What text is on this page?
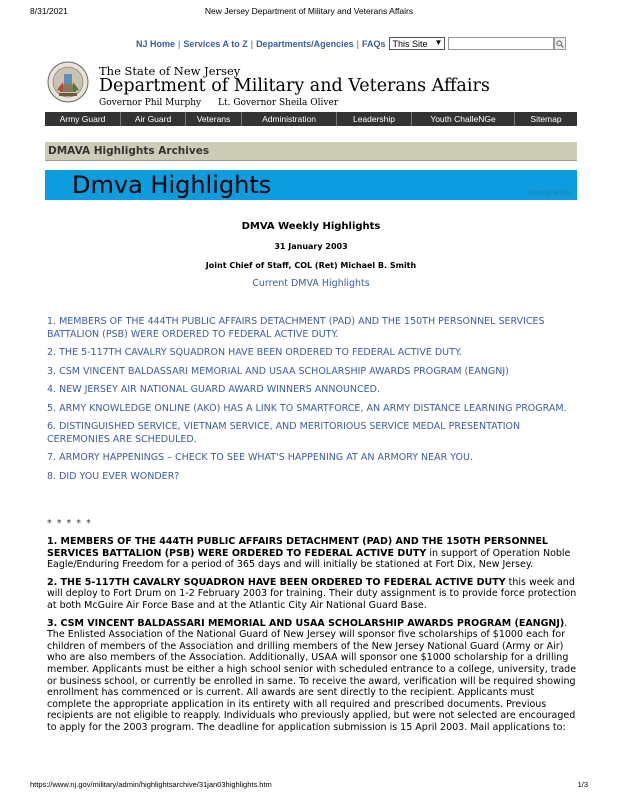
8/31/2021	New Jersey Department of Military and Veterans Affairs
NJ Home | Services A to Z | Departments/Agencies | FAQs This Site ▼
The State of New Jersey
Department of Military and Veterans Affairs
Governor Phil Murphy Lt. Governor Sheila Oliver
Army Guard	Air Guard	Veterans	Administration	Leadership	Youth ChalleNGe	Sitemap
DMAVA Highlights Archives
Dmva Highlights	Weekly Briefs
DMVA Weekly Highlights
31 January 2003
Joint Chief of Staff, COL (Ret) Michael B. Smith
Current DMVA Highlights

1. MEMBERS OF THE 444TH PUBLIC AFFAIRS DETACHMENT (PAD) AND THE 150TH PERSONNEL SERVICES BATTALION (PSB) WERE ORDERED TO FEDERAL ACTIVE DUTY.

2. THE 5-117TH CAVALRY SQUADRON HAVE BEEN ORDERED TO FEDERAL ACTIVE DUTY.

3. CSM VINCENT BALDASSARI MEMORIAL AND USAA SCHOLARSHIP AWARDS PROGRAM (EANGNJ)

4. NEW JERSEY AIR NATIONAL GUARD AWARD WINNERS ANNOUNCED.

5. ARMY KNOWLEDGE ONLINE (AKO) HAS A LINK TO SMARTFORCE, AN ARMY DISTANCE LEARNING PROGRAM.

6. DISTINGUISHED SERVICE, VIETNAM SERVICE, AND MERITORIOUS SERVICE MEDAL PRESENTATION CEREMONIES ARE SCHEDULED.

7. ARMORY HAPPENINGS – CHECK TO SEE WHAT'S HAPPENING AT AN ARMORY NEAR YOU.

8. DID YOU EVER WONDER?

* * * * *

1. MEMBERS OF THE 444TH PUBLIC AFFAIRS DETACHMENT (PAD) AND THE 150TH PERSONNEL SERVICES BATTALION (PSB) WERE ORDERED TO FEDERAL ACTIVE DUTY in support of Operation Noble Eagle/Enduring Freedom for a period of 365 days and will initially be stationed at Fort Dix, New Jersey.

2. THE 5-117TH CAVALRY SQUADRON HAVE BEEN ORDERED TO FEDERAL ACTIVE DUTY this week and will deploy to Fort Drum on 1-2 February 2003 for training. Their duty assignment is to provide force protection at both McGuire Air Force Base and at the Atlantic City Air National Guard Base.

3. CSM VINCENT BALDASSARI MEMORIAL AND USAA SCHOLARSHIP AWARDS PROGRAM (EANGNJ). The Enlisted Association of the National Guard of New Jersey will sponsor five scholarships of $1000 each for children of members of the Association and drilling members of the New Jersey National Guard (Army or Air) who are also members of the Association. Additionally, USAA will sponsor one $1000 scholarship for a drilling member. Applicants must be either a high school senior with scheduled entrance to a college, university, trade or business school, or currently be enrolled in same. To receive the award, verification will be required showing enrollment has commenced or is current. All awards are sent directly to the recipient. Applicants must complete the appropriate application in its entirety with all required and prescribed documents. Previous recipients are not eligible to reapply. Individuals who previously applied, but were not selected are encouraged to apply for the 2003 program. The deadline for application submission is 15 April 2003. Mail applications to:

https://www.nj.gov/military/admin/highlightsarchive/31jan03highlights.htm	1/3
